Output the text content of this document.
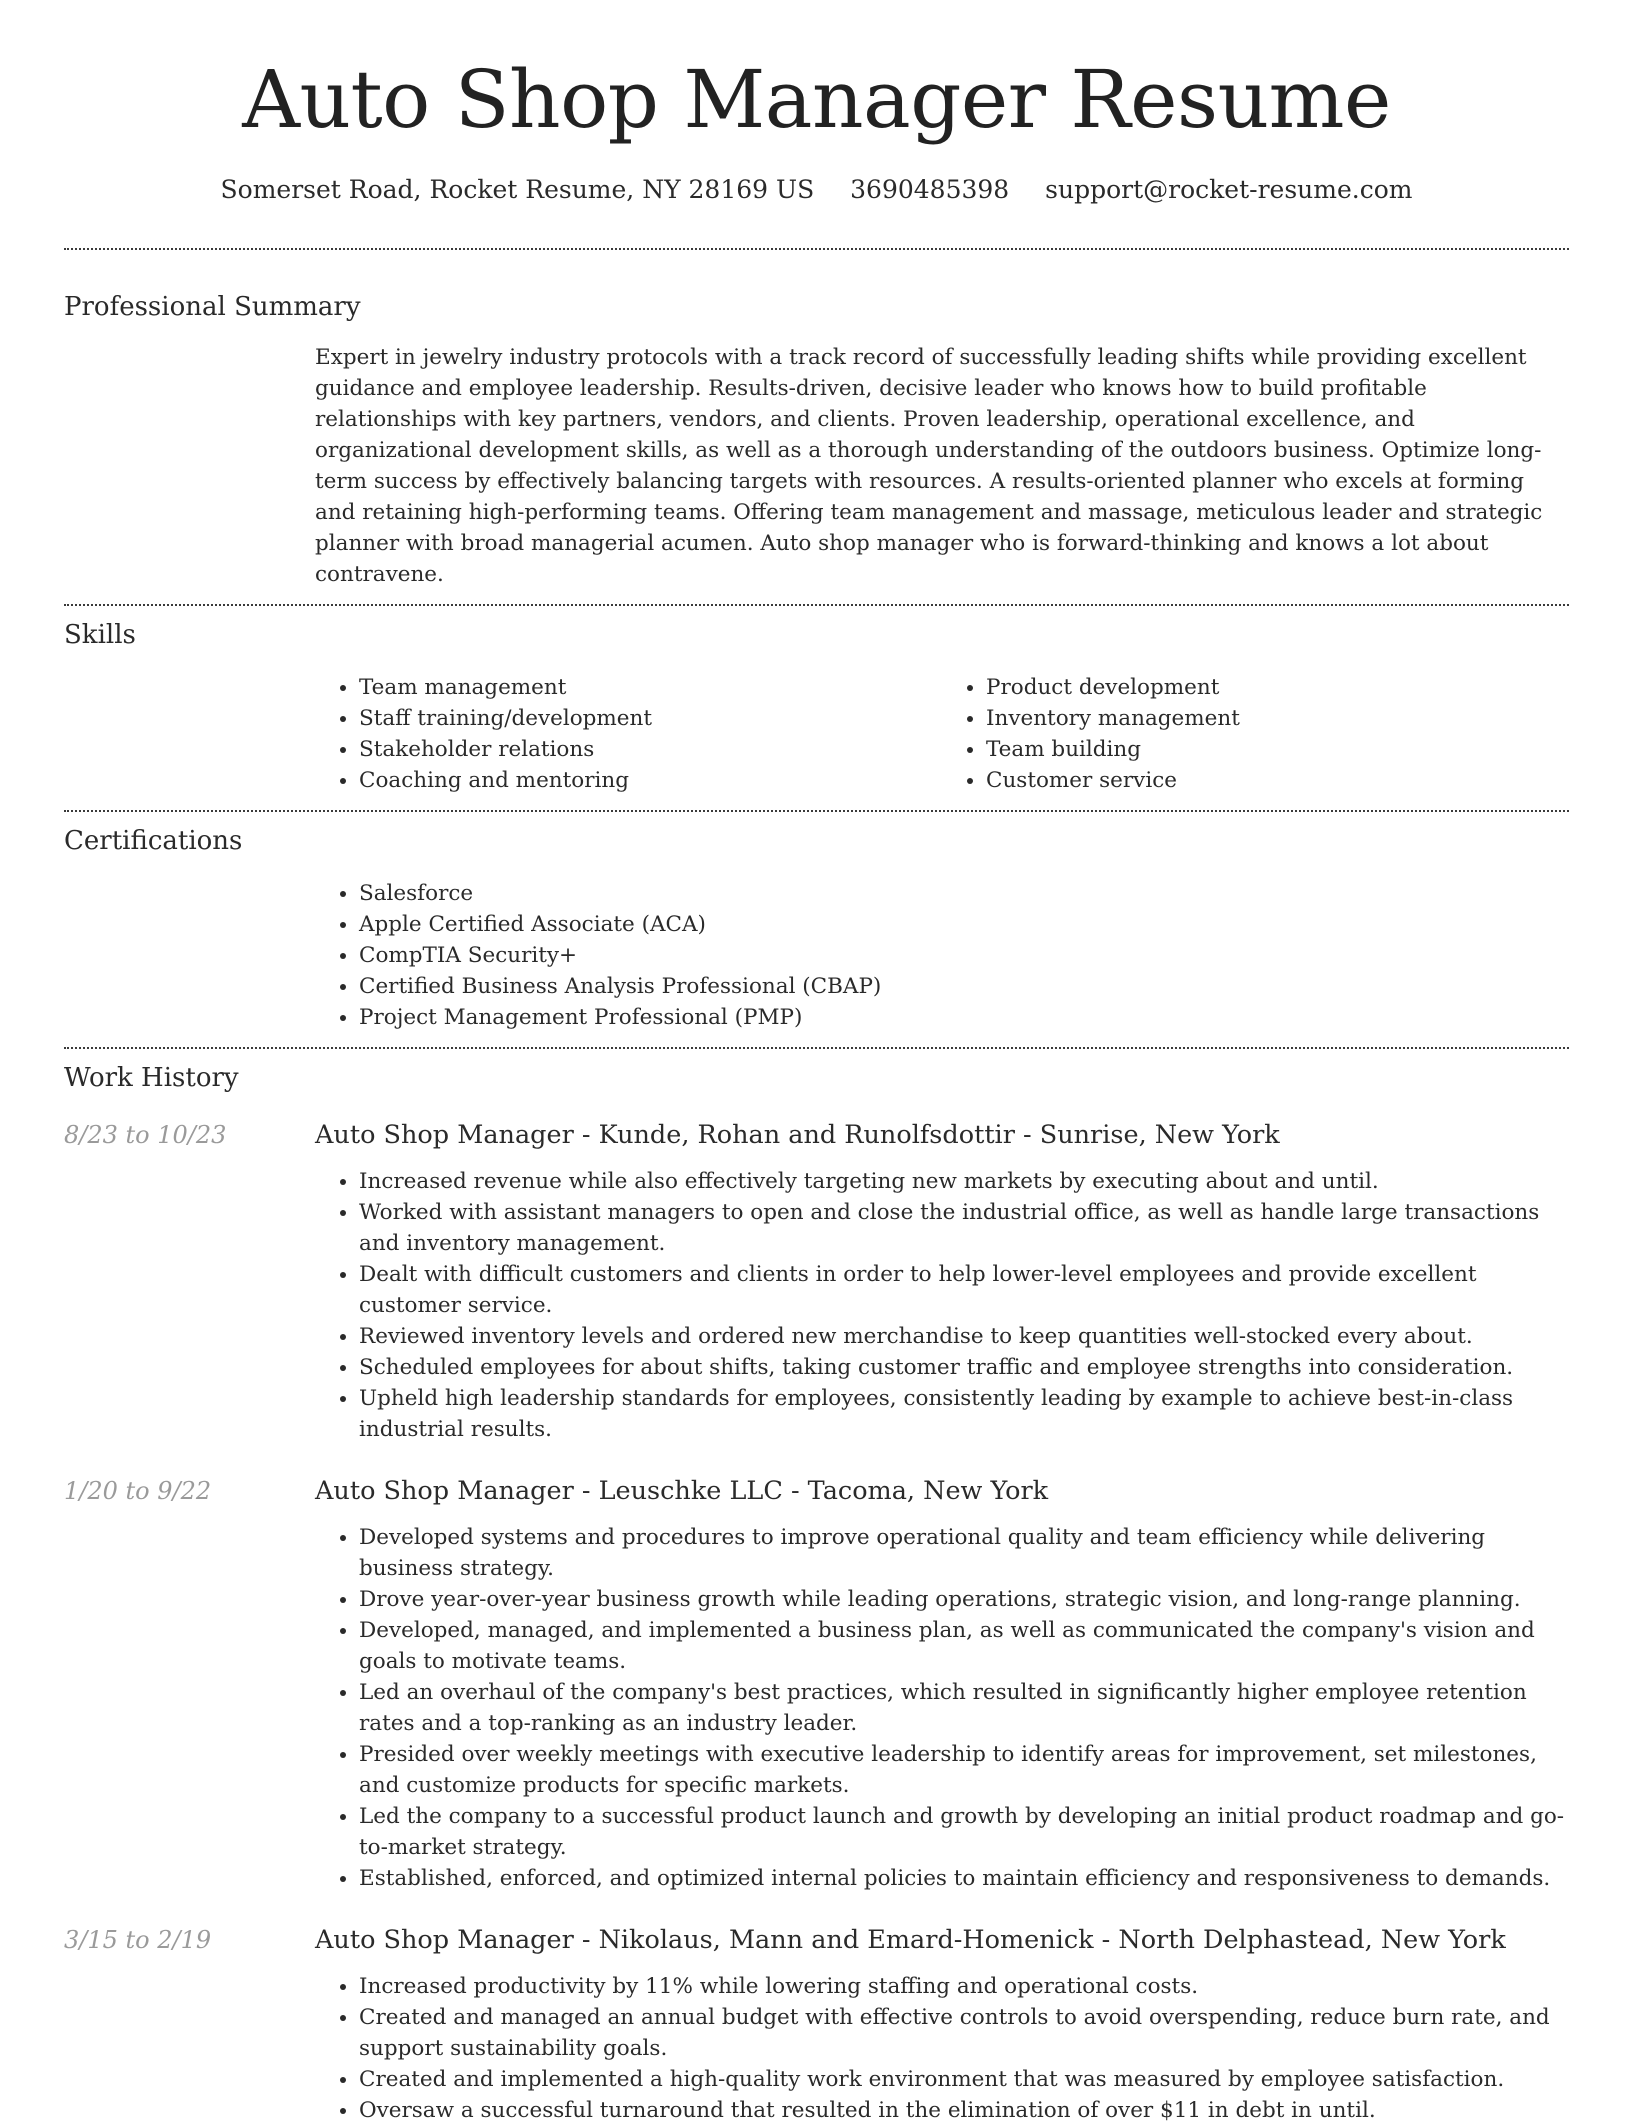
Auto Shop Manager Resume
Somerset Road, Rocket Resume, NY 28169 US 3690485398 support@rocket-resume.com
Professional Summary

Expert in jewelry industry protocols with a track record of successfully leading shifts while providing excellent guidance and employee leadership. Results-driven, decisive leader who knows how to build profitable relationships with key partners, vendors, and clients. Proven leadership, operational excellence, and organizational development skills, as well as a thorough understanding of the outdoors business. Optimize long-term success by effectively balancing targets with resources. A results-oriented planner who excels at forming and retaining high-performing teams. Offering team management and massage, meticulous leader and strategic planner with broad managerial acumen. Auto shop manager who is forward-thinking and knows a lot about contravene.

Skills
• Team management
• Staff training/development
• Stakeholder relations
• Coaching and mentoring
• Product development
• Inventory management
• Team building
• Customer service
Certifications
• Salesforce
• Apple Certified Associate (ACA)
• CompTIA Security+
• Certified Business Analysis Professional (CBAP)
• Project Management Professional (PMP)
Work History
8/23 to 10/23	Auto Shop Manager - Kunde, Rohan and Runolfsdottir - Sunrise, New York
• Increased revenue while also effectively targeting new markets by executing about and until.
• Worked with assistant managers to open and close the industrial office, as well as handle large transactions and inventory management.
• Dealt with difficult customers and clients in order to help lower-level employees and provide excellent customer service.
• Reviewed inventory levels and ordered new merchandise to keep quantities well-stocked every about.
• Scheduled employees for about shifts, taking customer traffic and employee strengths into consideration.
• Upheld high leadership standards for employees, consistently leading by example to achieve best-in-class industrial results.
1/20 to 9/22	Auto Shop Manager - Leuschke LLC - Tacoma, New York
• Developed systems and procedures to improve operational quality and team efficiency while delivering business strategy.
• Drove year-over-year business growth while leading operations, strategic vision, and long-range planning.
• Developed, managed, and implemented a business plan, as well as communicated the company's vision and goals to motivate teams.
• Led an overhaul of the company's best practices, which resulted in significantly higher employee retention rates and a top-ranking as an industry leader.
• Presided over weekly meetings with executive leadership to identify areas for improvement, set milestones, and customize products for specific markets.
• Led the company to a successful product launch and growth by developing an initial product roadmap and go-to-market strategy.
• Established, enforced, and optimized internal policies to maintain efficiency and responsiveness to demands.
3/15 to 2/19	Auto Shop Manager - Nikolaus, Mann and Emard-Homenick - North Delphastead, New York
• Increased productivity by 11% while lowering staffing and operational costs.
• Created and managed an annual budget with effective controls to avoid overspending, reduce burn rate, and support sustainability goals.
• Created and implemented a high-quality work environment that was measured by employee satisfaction.
• Oversaw a successful turnaround that resulted in the elimination of over $11 in debt in until.
